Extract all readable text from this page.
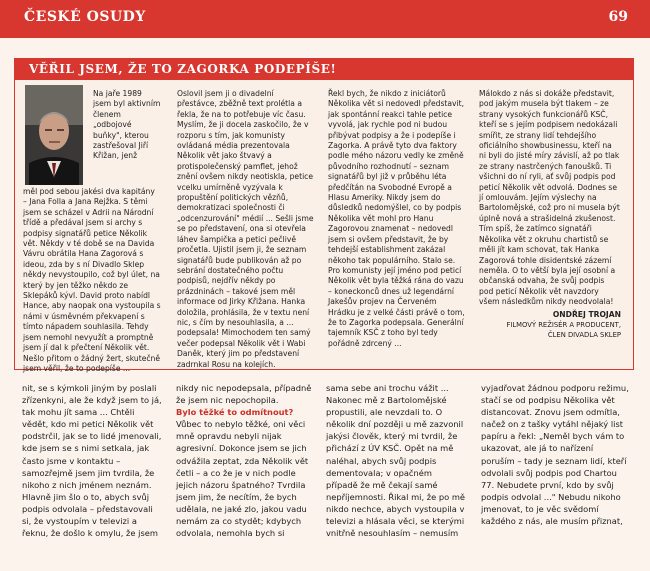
ČESKÉ OSUDY	69
VĚŘIL JSEM, ŽE TO ZAGORKA PODEPÍŠE!

Na jaře 1989 jsem byl aktivním členem „odbojové buňky", kterou zastřešoval Jiří Křižan, jenž

měl pod sebou jakési dva kapitány – Jana Folla a Jana Rejžka. S těmi jsem se scházel v Adrii na Národní třídě a předával jsem si archy s podpisy signatářů petice Několik vět. Někdy v té době se na Davida Vávru obrátila Hana Zagorová s ideou, zda by s ní Divadlo Sklep někdy nevystoupilo, což byl úlet, na který by jen těžko někdo ze Sklepáků kývl. David proto nabídl Hance, aby naopak ona vystoupila s námi v úsměvném překvapení s tímto nápadem souhlasila. Tehdy jsem nemohl nevyužít a promptně jsem jí dal k přečtení Několik vět. Nešlo přitom o žádný žert, skutečně jsem věřil, že to podepíše ...

Oslovil jsem ji o divadelní přestávce, zběžně text prolétla a řekla, že na to potřebuje víc času. Myslím, že ji docela zaskočilo, že v rozporu s tím, jak komunisty ovládaná média prezentovala Několik vět jako štvavý a protispolečenský pamflet, jehož znění ovšem nikdy neotiskla, petice vcelku umírněně vyzývala k propuštění politických vězňů, demokratizaci společnosti či „odcenzurování" médií ... Sešli jsme se po představení, ona si otevřela láhev šampička a petici pečlivě pročetla. Ujistil jsem ji, že seznam signatářů bude publikován až po sebrání dostatečného počtu podpisů, nejdřív někdy po prázdninách – takové jsem měl informace od Jirky Křižana. Hanka doložila, prohlásila, že v textu není nic, s čím by nesouhlasila, a ... podepsala! Mimochodem ten samý večer podepsal Několik vět i Wabi Daněk, který jim po představení zadrnkal Rosu na kolejích.

Řekl bych, že nikdo z iniciátorů Několika vět si nedovedl představit, jak spontánní reakci tahle petice vyvolá, jak rychle pod ni budou přibývat podpisy a že i podepíše i Zagorka. A právě tyto dva faktory podle mého názoru vedly ke změně původního rozhodnutí – seznam signatářů byl již v průběhu léta předčítán na Svobodné Evropě a Hlasu Ameriky. Nikdy jsem do důsledků nedomýšlel, co by podpis Několika vět mohl pro Hanu Zagorovou znamenat – nedovedl jsem si ovšem představit, že by tehdejší establishment zakázal někoho tak populárního. Stalo se. Pro komunisty její jméno pod peticí Několik vět byla těžká rána do vazu – koneckonců dnes už legendární Jakešův projev na Červeném Hrádku je z velké části právě o tom, že to Zagorka podepsala. Generální tajemník KSČ z toho byl tedy pořádně zdrcený ...

Málokdo z nás si dokáže představit, pod jakým musela být tlakem – ze strany vysokých funkcionářů KSČ, kteří se s jejím podpisem nedokázali smířit, ze strany lidí tehdejšího oficiálního showbusinessu, kteří na ni byli do jisté míry závislí, až po tlak ze strany nastrčených fanoušků. Ti všichni do ní ryli, ať svůj podpis pod peticí Několik vět odvolá. Dodnes se jí omlouvám. Jejím výslechy na Bartolomějské, což pro ni musela být úplně nová a strašidelná zkušenost. Tím spíš, že zatímco signatáři Několika vět z okruhu chartistů se měli jít kam schovat, tak Hanka Zagorová tohle disidentské zázemí neměla. O to větší byla její osobní a občanská odvaha, že svůj podpis pod peticí Několik vět navzdory všem následkům nikdy neodvolala!

ONDŘEJ TROJAN

FILMOVÝ REŽISÉR A PRODUCENT,

ČLEN DIVADLA SKLEP

nit, se s kýmkoli jiným by poslali zřízenkyni, ale že když jsem to já, tak mohu jít sama ... Chtěli vědět, kdo mi petici Několik vět podstrčil, jak se to lidé jmenovali, kde jsem se s nimi setkala, jak často jsme v kontaktu – samozřejmě jsem jim tvrdila, že nikoho z nich jménem neznám. Hlavně jim šlo o to, abych svůj podpis odvolala – představovali si, že vystoupím v televizi a řeknu, že došlo k omylu, že jsem

nikdy nic nepodepsala, případně že jsem nic nepochopila.

Bylo těžké to odmítnout?

Vůbec to nebylo těžké, oni věci mně opravdu nebyli nijak agresivní. Dokonce jsem se jich odvážila zeptat, zda Několik vět četli – a co že je v nich podle jejich názoru špatného? Tvrdila jsem jim, že necítím, že bych udělala, ne jaké zlo, jakou vadu nemám za co stydět; kdybych odvolala, nemohla bych si

sama sebe ani trochu vážit ... Nakonec mě z Bartolomějské propustili, ale nevzdali to. O několik dní později u mě zazvonil jakýsi člověk, který mi tvrdil, že přichází z ÚV KSČ. Opět na mě naléhal, abych svůj podpis dementovala; v opačném případě že mě čekají samé nepříjemnosti. Řikal mi, že po mě nikdo nechce, abych vystoupila v televizi a hlásala věci, se kterými vnitřně nesouhlasím – nemusím

vyjadřovat žádnou podporu režimu, stačí se od podpisu Několika vět distancovat. Znovu jsem odmítla, načež on z tašky vytáhl nějaký list papíru a řekl: „Neměl bych vám to ukazovat, ale já to nařízení poruším – tady je seznam lidí, kteří odvolali svůj podpis pod Chartou 77. Nebudete první, kdo by svůj podpis odvolal ..." Nebudu nikoho jmenovat, to je věc svědomí každého z nás, ale musím přiznat,
